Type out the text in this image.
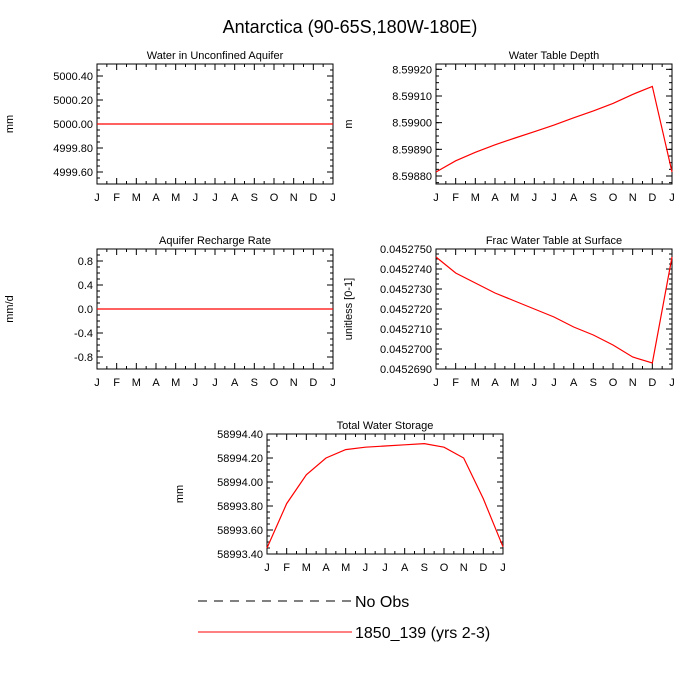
Antarctica (90-65S,180W-180E)
Water in Unconfined Aquifer
J F M A M J J A S O N D J
4999.60
4999.80
5000.00
5000.20
5000.40
mm
Water Table Depth
J F M A M J J A S O N D J
8.59880
8.59890
8.59900
8.59910
8.59920
m
Aquifer Recharge Rate
J F M A M J J A S O N D J
-0.8
-0.4
0.0
0.4
0.8
mm/d
Frac Water Table at Surface
J F M A M J J A S O N D J
0.0452690
0.0452700
0.0452710
0.0452720
0.0452730
0.0452740
0.0452750
unitless [0-1]
Total Water Storage
J F M A M J J A S O N D J
58993.40
58993.60
58993.80
58994.00
58994.20
58994.40
mm
No Obs
1850_139 (yrs 2-3)
